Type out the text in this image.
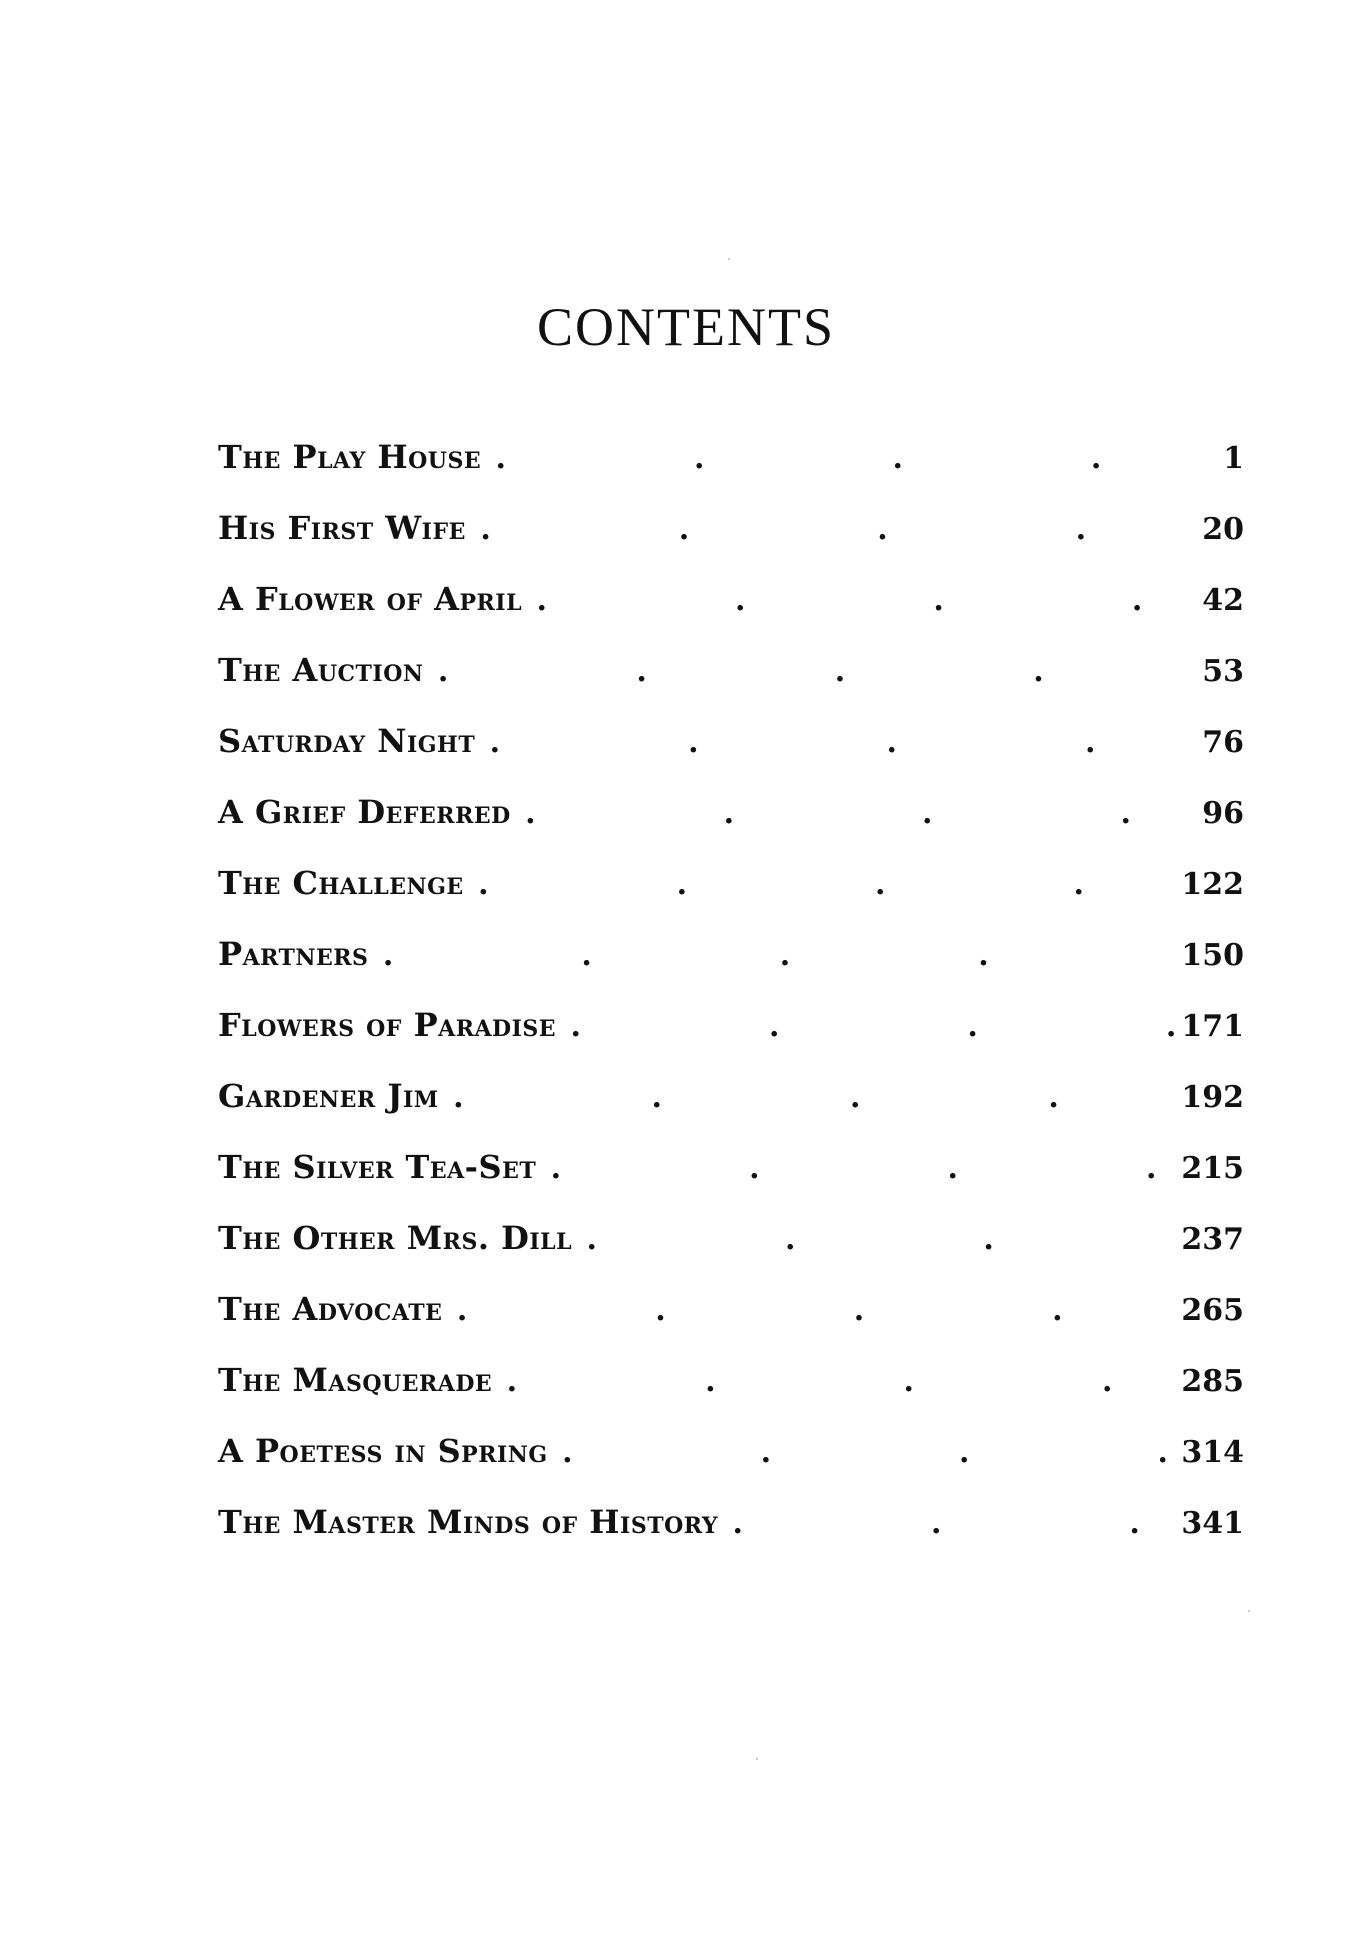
CONTENTS
The Play House .	1
His First Wife .	20
A Flower of April .	42
The Auction .	53
Saturday Night .	76
A Grief Deferred .	96
The Challenge .	122
Partners .	150
Flowers of Paradise .	171
Gardener Jim .	192
The Silver Tea-Set .	215
The Other Mrs. Dill .	237
The Advocate .	265
The Masquerade .	285
A Poetess in Spring .	314
The Master Minds of History .	341
